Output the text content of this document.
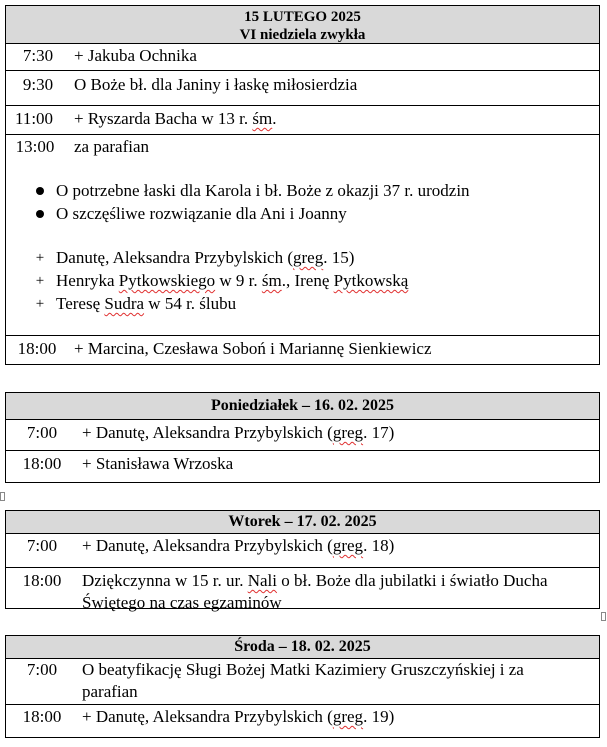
15 LUTEGO 2025
VI niedziela zwykła
7:30	+ Jakuba Ochnika
9:30	O Boże bł. dla Janiny i łaskę miłosierdzia
11:00	+ Ryszarda Bacha w 13 r. śm.
13:00	za parafian
O potrzebne łaski dla Karola i bł. Boże z okazji 37 r. urodzin
O szczęśliwe rozwiązanie dla Ani i Joanny
+ Danutę, Aleksandra Przybylskich (greg. 15)
+ Henryka Pytkowskiego w 9 r. śm., Irenę Pytkowską
+ Teresę Sudra w 54 r. ślubu
18:00	+ Marcina, Czesława Soboń i Mariannę Sienkiewicz
Poniedziałek – 16. 02. 2025
7:00	+ Danutę, Aleksandra Przybylskich (greg. 17)
18:00	+ Stanisława Wrzoska
Wtorek – 17. 02. 2025
7:00	+ Danutę, Aleksandra Przybylskich (greg. 18)
18:00	Dziękczynna w 15 r. ur. Nali o bł. Boże dla jubilatki i światło Ducha
Świętego na czas egzaminów
Środa – 18. 02. 2025
7:00	O beatyfikację Sługi Bożej Matki Kazimiery Gruszczyńskiej i za
parafian
18:00	+ Danutę, Aleksandra Przybylskich (greg. 19)
